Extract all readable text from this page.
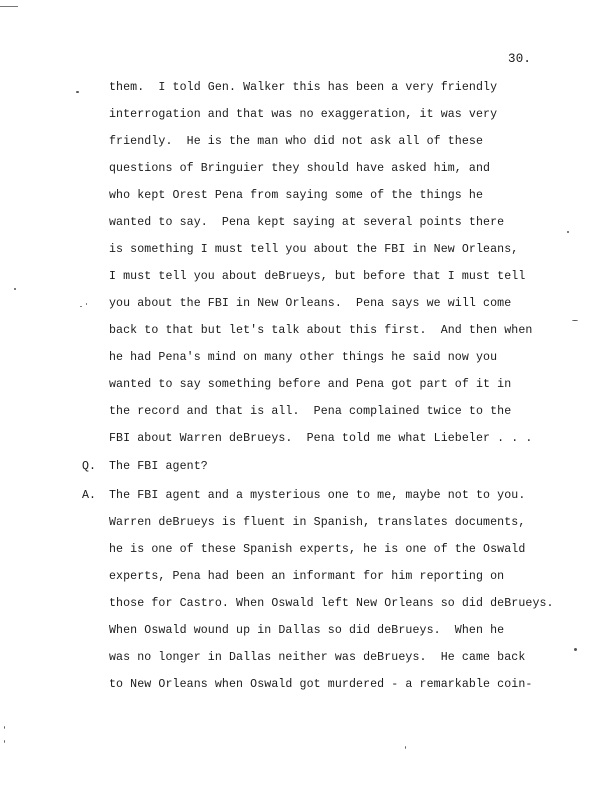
30.
them.  I told Gen. Walker this has been a very friendly
interrogation and that was no exaggeration, it was very
friendly.  He is the man who did not ask all of these
questions of Bringuier they should have asked him, and
who kept Orest Pena from saying some of the things he
wanted to say.  Pena kept saying at several points there
is something I must tell you about the FBI in New Orleans,
I must tell you about deBrueys, but before that I must tell
you about the FBI in New Orleans.  Pena says we will come
back to that but let's talk about this first.  And then when
he had Pena's mind on many other things he said now you
wanted to say something before and Pena got part of it in
the record and that is all.  Pena complained twice to the
FBI about Warren deBrueys.  Pena told me what Liebeler . . .
Q. The FBI agent?
A. The FBI agent and a mysterious one to me, maybe not to you.
Warren deBrueys is fluent in Spanish, translates documents,
he is one of these Spanish experts, he is one of the Oswald
experts, Pena had been an informant for him reporting on
those for Castro. When Oswald left New Orleans so did deBrueys.
When Oswald wound up in Dallas so did deBrueys.  When he
was no longer in Dallas neither was deBrueys.  He came back
to New Orleans when Oswald got murdered - a remarkable coin-
